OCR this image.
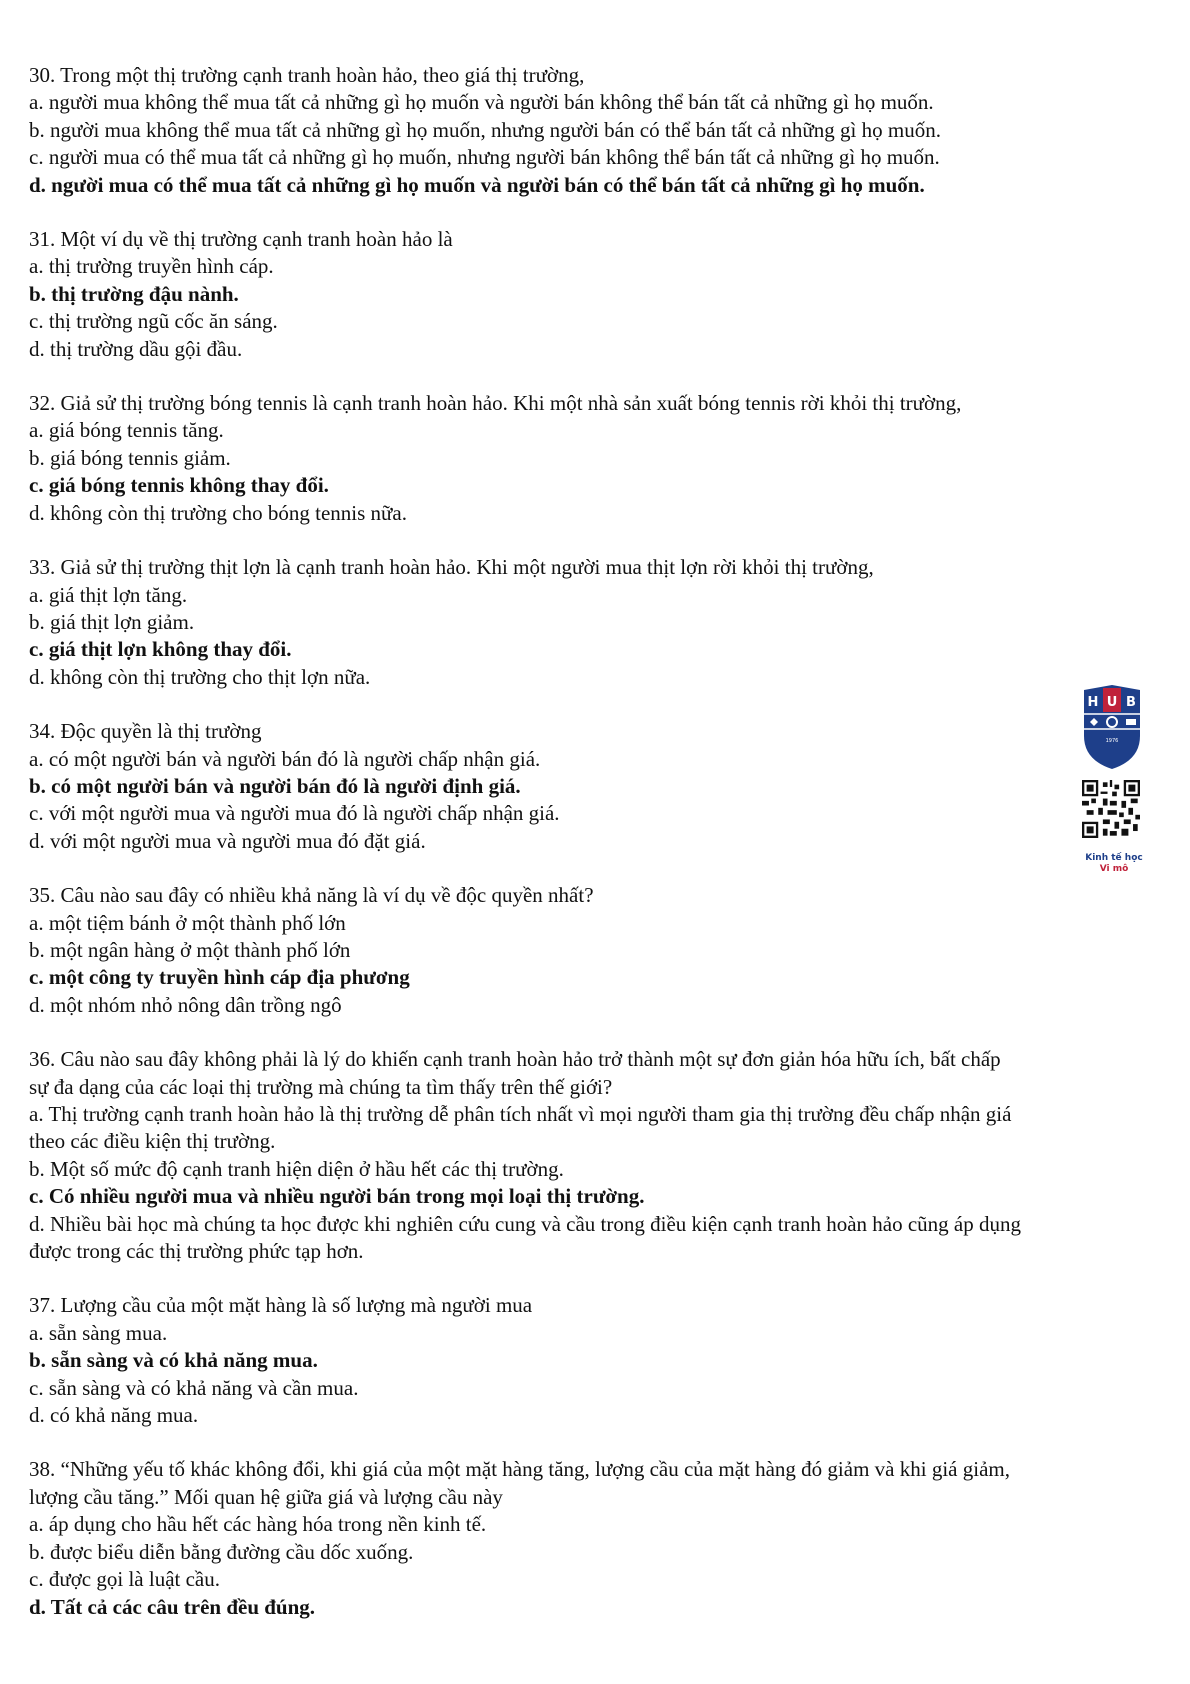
30. Trong một thị trường cạnh tranh hoàn hảo, theo giá thị trường,
a. người mua không thể mua tất cả những gì họ muốn và người bán không thể bán tất cả những gì họ muốn.
b. người mua không thể mua tất cả những gì họ muốn, nhưng người bán có thể bán tất cả những gì họ muốn.
c. người mua có thể mua tất cả những gì họ muốn, nhưng người bán không thể bán tất cả những gì họ muốn.
d. người mua có thể mua tất cả những gì họ muốn và người bán có thể bán tất cả những gì họ muốn.
31. Một ví dụ về thị trường cạnh tranh hoàn hảo là
a. thị trường truyền hình cáp.
b. thị trường đậu nành.
c. thị trường ngũ cốc ăn sáng.
d. thị trường dầu gội đầu.
32. Giả sử thị trường bóng tennis là cạnh tranh hoàn hảo. Khi một nhà sản xuất bóng tennis rời khỏi thị trường,
a. giá bóng tennis tăng.
b. giá bóng tennis giảm.
c. giá bóng tennis không thay đổi.
d. không còn thị trường cho bóng tennis nữa.
33. Giả sử thị trường thịt lợn là cạnh tranh hoàn hảo. Khi một người mua thịt lợn rời khỏi thị trường,
a. giá thịt lợn tăng.
b. giá thịt lợn giảm.
c. giá thịt lợn không thay đổi.
d. không còn thị trường cho thịt lợn nữa.
34. Độc quyền là thị trường
a. có một người bán và người bán đó là người chấp nhận giá.
b. có một người bán và người bán đó là người định giá.
c. với một người mua và người mua đó là người chấp nhận giá.
d. với một người mua và người mua đó đặt giá.
35. Câu nào sau đây có nhiều khả năng là ví dụ về độc quyền nhất?
a. một tiệm bánh ở một thành phố lớn
b. một ngân hàng ở một thành phố lớn
c. một công ty truyền hình cáp địa phương
d. một nhóm nhỏ nông dân trồng ngô
36. Câu nào sau đây không phải là lý do khiến cạnh tranh hoàn hảo trở thành một sự đơn giản hóa hữu ích, bất chấp
sự đa dạng của các loại thị trường mà chúng ta tìm thấy trên thế giới?
a. Thị trường cạnh tranh hoàn hảo là thị trường dễ phân tích nhất vì mọi người tham gia thị trường đều chấp nhận giá
theo các điều kiện thị trường.
b. Một số mức độ cạnh tranh hiện diện ở hầu hết các thị trường.
c. Có nhiều người mua và nhiều người bán trong mọi loại thị trường.
d. Nhiều bài học mà chúng ta học được khi nghiên cứu cung và cầu trong điều kiện cạnh tranh hoàn hảo cũng áp dụng
được trong các thị trường phức tạp hơn.
37. Lượng cầu của một mặt hàng là số lượng mà người mua
a. sẵn sàng mua.
b. sẵn sàng và có khả năng mua.
c. sẵn sàng và có khả năng và cần mua.
d. có khả năng mua.
38. “Những yếu tố khác không đổi, khi giá của một mặt hàng tăng, lượng cầu của mặt hàng đó giảm và khi giá giảm,
lượng cầu tăng.” Mối quan hệ giữa giá và lượng cầu này
a. áp dụng cho hầu hết các hàng hóa trong nền kinh tế.
b. được biểu diễn bằng đường cầu dốc xuống.
c. được gọi là luật cầu.
d. Tất cả các câu trên đều đúng.
H U B
1976
Kinh tế học
Vi mô
